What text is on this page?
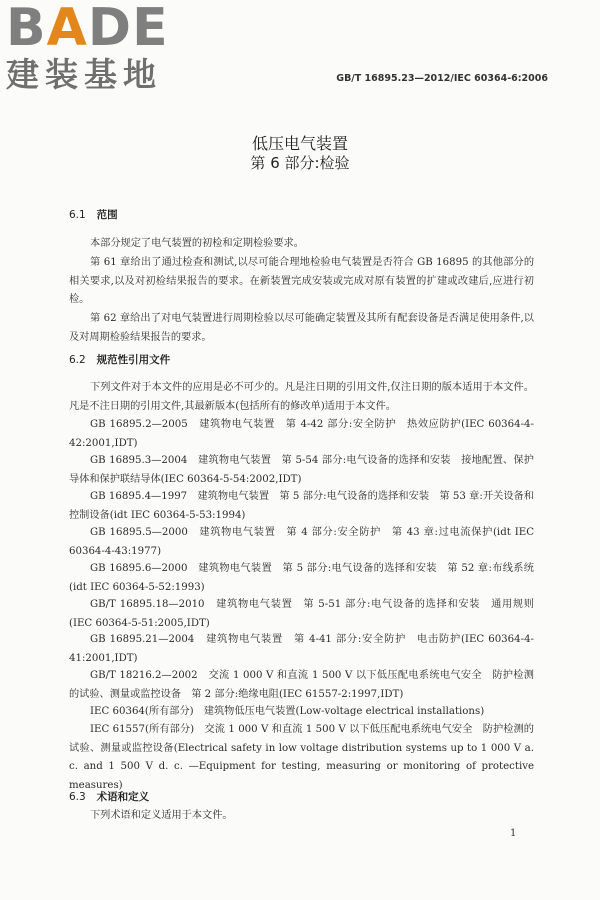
BADE
建装基地	GB/T 16895.23—2012/IEC 60364-6:2006
低压电气装置
第 6 部分:检验
6.1 范围
本部分规定了电气装置的初检和定期检验要求。
第 61 章给出了通过检查和测试,以尽可能合理地检验电气装置是否符合 GB 16895 的其他部分的相关要求,以及对初检结果报告的要求。在新装置完成安装或完成对原有装置的扩建或改建后,应进行初检。
第 62 章给出了对电气装置进行周期检验以尽可能确定装置及其所有配套设备是否满足使用条件,以及对周期检验结果报告的要求。
6.2 规范性引用文件
下列文件对于本文件的应用是必不可少的。凡是注日期的引用文件,仅注日期的版本适用于本文件。凡是不注日期的引用文件,其最新版本(包括所有的修改单)适用于本文件。
GB 16895.2—2005　建筑物电气装置　第 4-42 部分:安全防护　热效应防护(IEC 60364-4-42:2001,IDT)
GB 16895.3—2004　建筑物电气装置　第 5-54 部分:电气设备的选择和安装　接地配置、保护导体和保护联结导体(IEC 60364-5-54:2002,IDT)
GB 16895.4—1997　建筑物电气装置　第 5 部分:电气设备的选择和安装　第 53 章:开关设备和控制设备(idt IEC 60364-5-53:1994)
GB 16895.5—2000　建筑物电气装置　第 4 部分:安全防护　第 43 章:过电流保护(idt IEC 60364-4-43:1977)
GB 16895.6—2000　建筑物电气装置　第 5 部分:电气设备的选择和安装　第 52 章:布线系统(idt IEC 60364-5-52:1993)
GB/T 16895.18—2010　建筑物电气装置　第 5-51 部分:电气设备的选择和安装　通用规则(IEC 60364-5-51:2005,IDT)
GB 16895.21—2004　建筑物电气装置　第 4-41 部分:安全防护　电击防护(IEC 60364-4-41:2001,IDT)
GB/T 18216.2—2002　交流 1 000 V 和直流 1 500 V 以下低压配电系统电气安全　防护检测的试验、测量或监控设备　第 2 部分:绝缘电阻(IEC 61557-2:1997,IDT)
IEC 60364(所有部分)　建筑物低压电气装置(Low-voltage electrical installations)
IEC 61557(所有部分)　交流 1 000 V 和直流 1 500 V 以下低压配电系统电气安全　防护检测的试验、测量或监控设备(Electrical safety in low voltage distribution systems up to 1 000 V a. c. and 1 500 V d. c. —Equipment for testing, measuring or monitoring of protective measures)
6.3 术语和定义
下列术语和定义适用于本文件。
1
